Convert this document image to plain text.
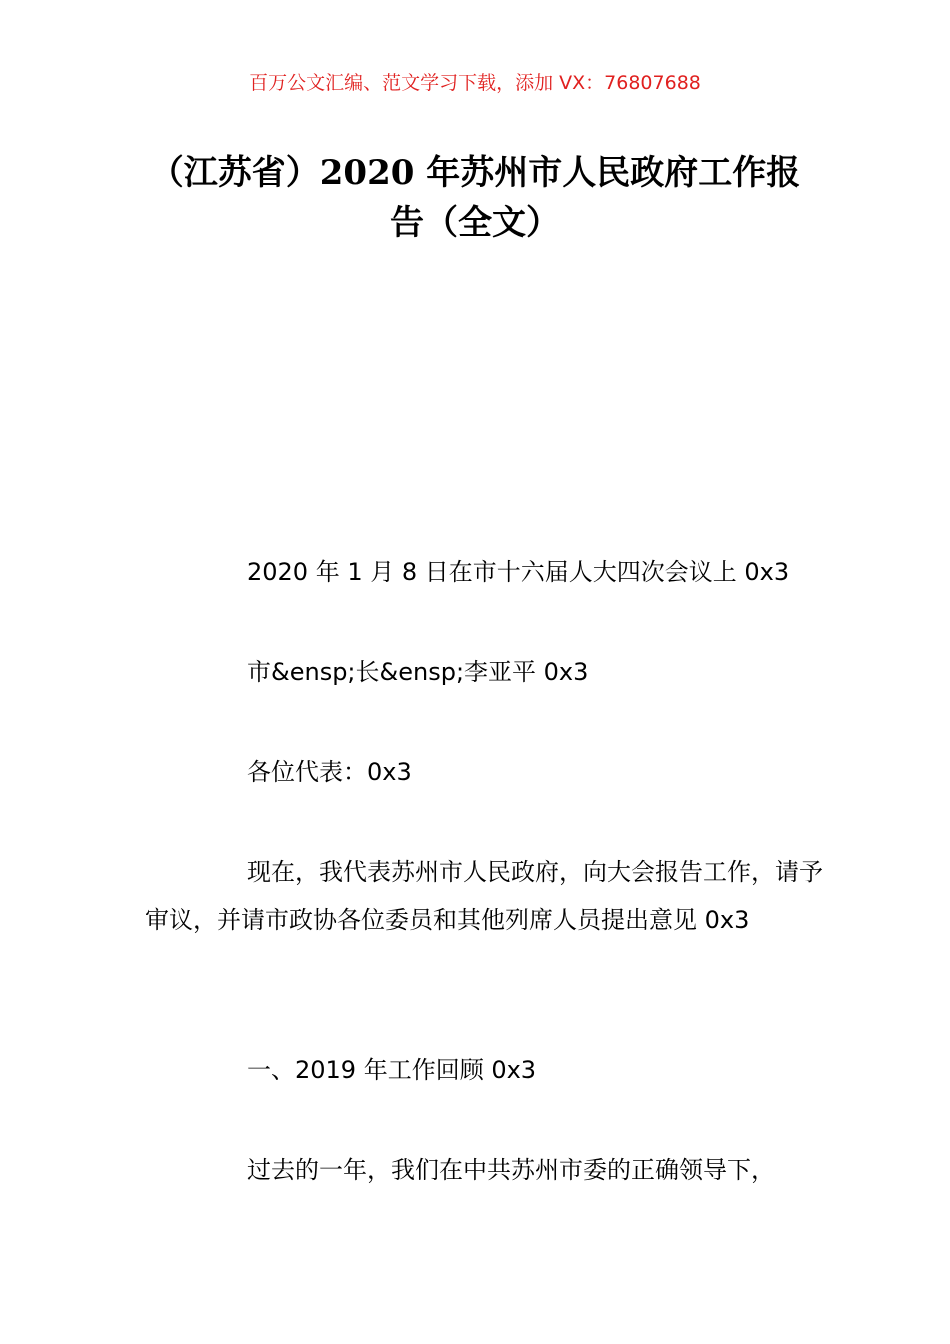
百万公文汇编、范文学习下载，添加 VX：76807688
（江苏省）2020 年苏州市人民政府工作报
告（全文）

2020 年 1 月 8 日在市十六届人大四次会议上 0x3

市&ensp;长&ensp;李亚平 0x3

各位代表：0x3

现在，我代表苏州市人民政府，向大会报告工作，请予审议，并请市政协各位委员和其他列席人员提出意见 0x3

一、2019 年工作回顾 0x3

过去的一年，我们在中共苏州市委的正确领导下，
